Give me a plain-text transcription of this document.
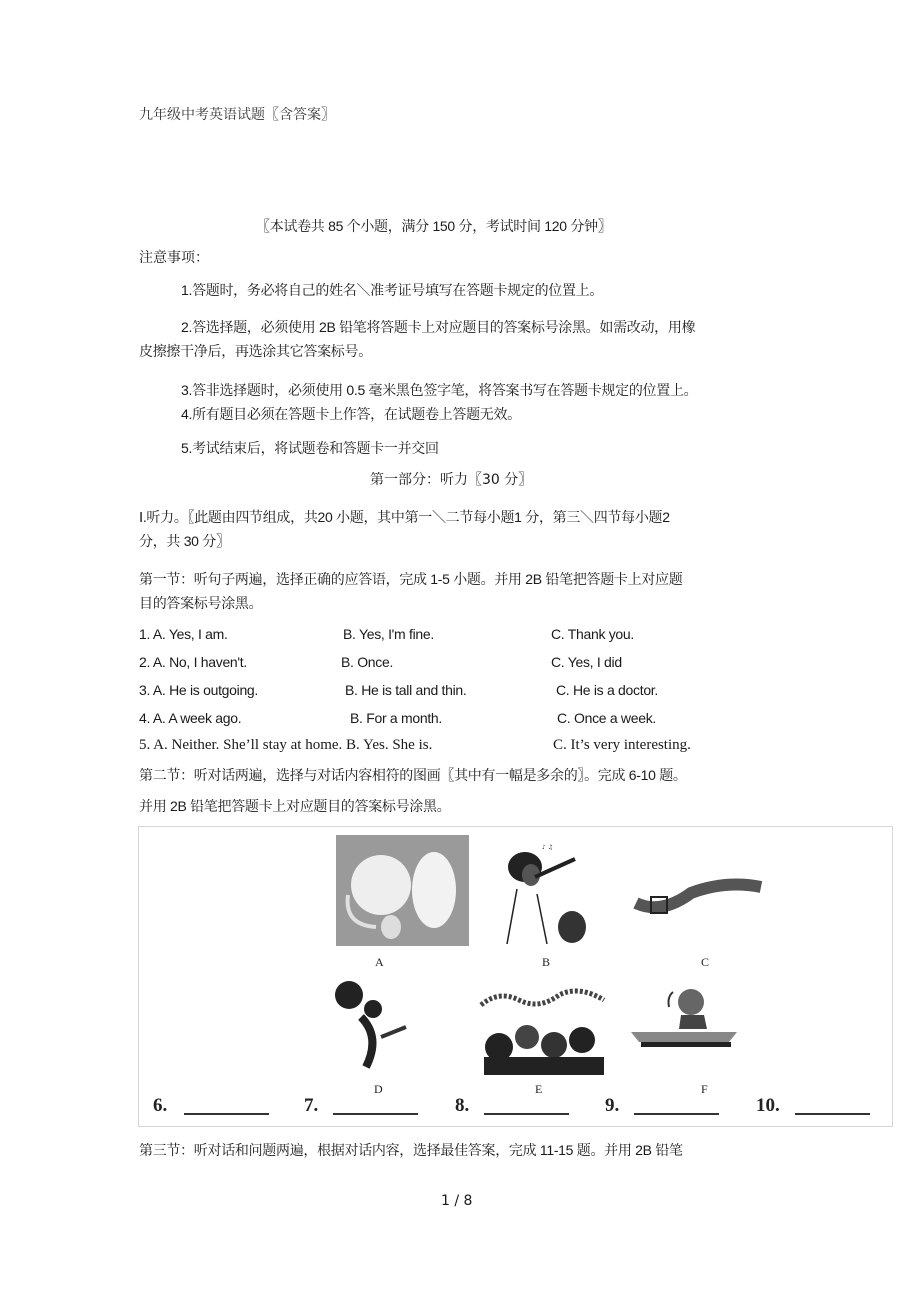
九年级中考英语试题〖含答案〗
〖本试卷共 85 个小题，满分 150 分，考试时间 120 分钟〗
注意事项：
1.答题时，务必将自己的姓名＼准考证号填写在答题卡规定的位置上。
2.答选择题，必须使用 2B 铅笔将答题卡上对应题目的答案标号涂黑。如需改动，用橡
皮擦擦干净后，再选涂其它答案标号。
3.答非选择题时，必须使用 0.5 毫米黑色签字笔，将答案书写在答题卡规定的位置上。
4.所有题目必须在答题卡上作答，在试题卷上答题无效。
5.考试结束后，将试题卷和答题卡一并交回
第一部分：听力〖30 分〗
Ⅰ.听力。〖此题由四节组成，共20 小题，其中第一＼二节每小题1 分，第三＼四节每小题2
分，共 30 分〗
第一节：听句子两遍，选择正确的应答语，完成 1-5 小题。并用 2B 铅笔把答题卡上对应题
目的答案标号涂黑。
1. A. Yes, I am.	B. Yes, I'm fine.	C. Thank you.
2. A. No, I haven't.	B. Once.	C. Yes, I did
3. A. He is outgoing.	B. He is tall and thin.	C. He is a doctor.
4. A. A week ago.	B. For a month.	C. Once a week.
5. A. Neither. She’ll stay at home. B. Yes. She is.	C. It’s very interesting.
第二节：听对话两遍，选择与对话内容相符的图画〖其中有一幅是多余的〗。完成 6-10 题。
并用 2B 铅笔把答题卡上对应题目的答案标号涂黑。
A
♪ ♫
B	C
D	E	F
6.	7.	8.	9.	10.
第三节：听对话和问题两遍，根据对话内容，选择最佳答案，完成 11-15 题。并用 2B 铅笔
1 / 8
